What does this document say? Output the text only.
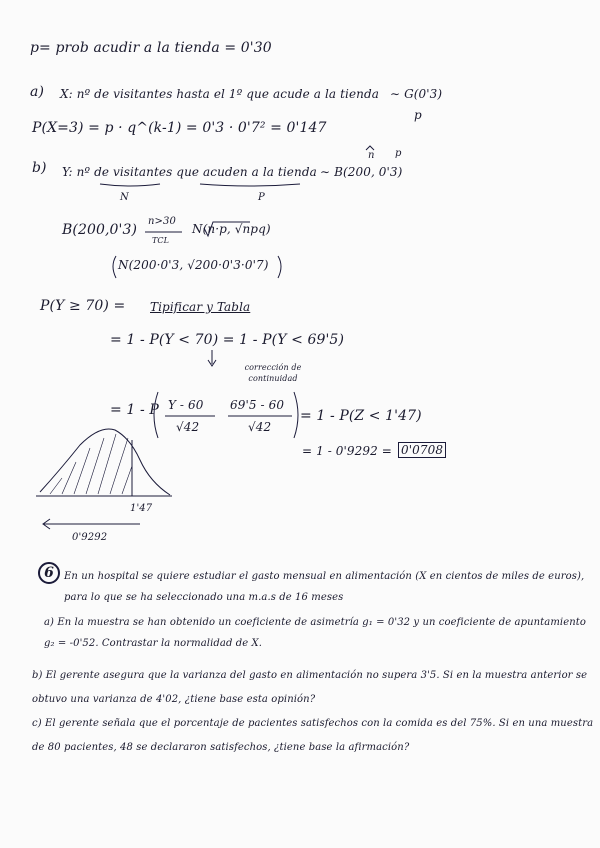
p= prob acudir a la tienda = 0'30
a) X: nº de visitantes hasta el 1º que acude a la tienda ∼ G(0'3)
p
P(X=3) = p · q^(k-1) = 0'3 · 0'7² = 0'147
b) Y: nº de visitantes que acuden a la tienda ∼ B(200, 0'3)
n p
N	P
B(200,0'3)
n>30
TCL
N(n·p, √npq)
N(200·0'3, √200·0'3·0'7)
P(Y ≥ 70) = Tipificar y Tabla
= 1 - P(Y < 70) = 1 - P(Y < 69'5)
corrección de continuidad
= 1 - P Y - 60
√42
69'5 - 60
√42
= 1 - P(Z < 1'47)
= 1 - 0'9292 = 0'0708
1'47
0'9292
6	En un hospital se quiere estudiar el gasto mensual en alimentación (X en cientos de miles de euros), para lo que se ha seleccionado una m.a.s de 16 meses
a) En la muestra se han obtenido un coeficiente de asimetría g₁ = 0'32 y un coeficiente de apuntamiento g₂ = -0'52. Contrastar la normalidad de X.
b) El gerente asegura que la varianza del gasto en alimentación no supera 3'5. Si en la muestra anterior se obtuvo una varianza de 4'02, ¿tiene base esta opinión?
c) El gerente señala que el porcentaje de pacientes satisfechos con la comida es del 75%. Si en una muestra de 80 pacientes, 48 se declararon satisfechos, ¿tiene base la afirmación?
